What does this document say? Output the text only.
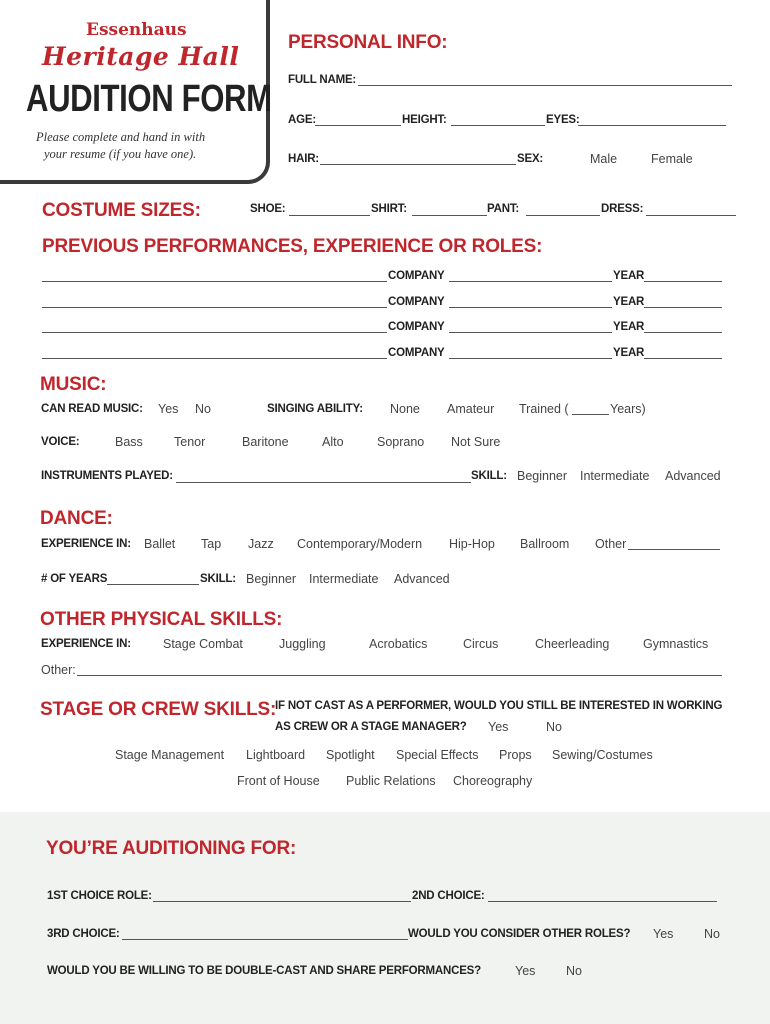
Essenhaus
Heritage Hall
AUDITION FORM
Please complete and hand in with
your resume (if you have one).
PERSONAL INFO:
FULL NAME:
AGE:	HEIGHT:	EYES:
HAIR:	SEX:	Male	Female
COSTUME SIZES:	SHOE:	SHIRT:	PANT:	DRESS:
PREVIOUS PERFORMANCES, EXPERIENCE OR ROLES:
COMPANY	YEAR
COMPANY	YEAR
COMPANY	YEAR
COMPANY	YEAR
MUSIC:
CAN READ MUSIC: Yes No	SINGING ABILITY: None Amateur Trained (	Years)
VOICE:	Bass Tenor	Baritone	Alto	Soprano Not Sure
INSTRUMENTS PLAYED:	SKILL: Beginner Intermediate Advanced
DANCE:
EXPERIENCE IN: Ballet Tap Jazz Contemporary/Modern Hip-Hop Ballroom Other
# OF YEARS	SKILL: Beginner Intermediate Advanced
OTHER PHYSICAL SKILLS:
EXPERIENCE IN:	Stage Combat	Juggling	Acrobatics	Circus	Cheerleading	Gymnastics
Other:
STAGE OR CREW SKILLS:
IF NOT CAST AS A PERFORMER, WOULD YOU STILL BE INTERESTED IN WORKING
AS CREW OR A STAGE MANAGER? Yes	No
Stage Management Lightboard Spotlight Special Effects Props Sewing/Costumes
Front of House Public Relations Choreography
YOU’RE AUDITIONING FOR:
1ST CHOICE ROLE:	2ND CHOICE:
3RD CHOICE:	WOULD YOU CONSIDER OTHER ROLES? Yes No
WOULD YOU BE WILLING TO BE DOUBLE-CAST AND SHARE PERFORMANCES?	Yes No
